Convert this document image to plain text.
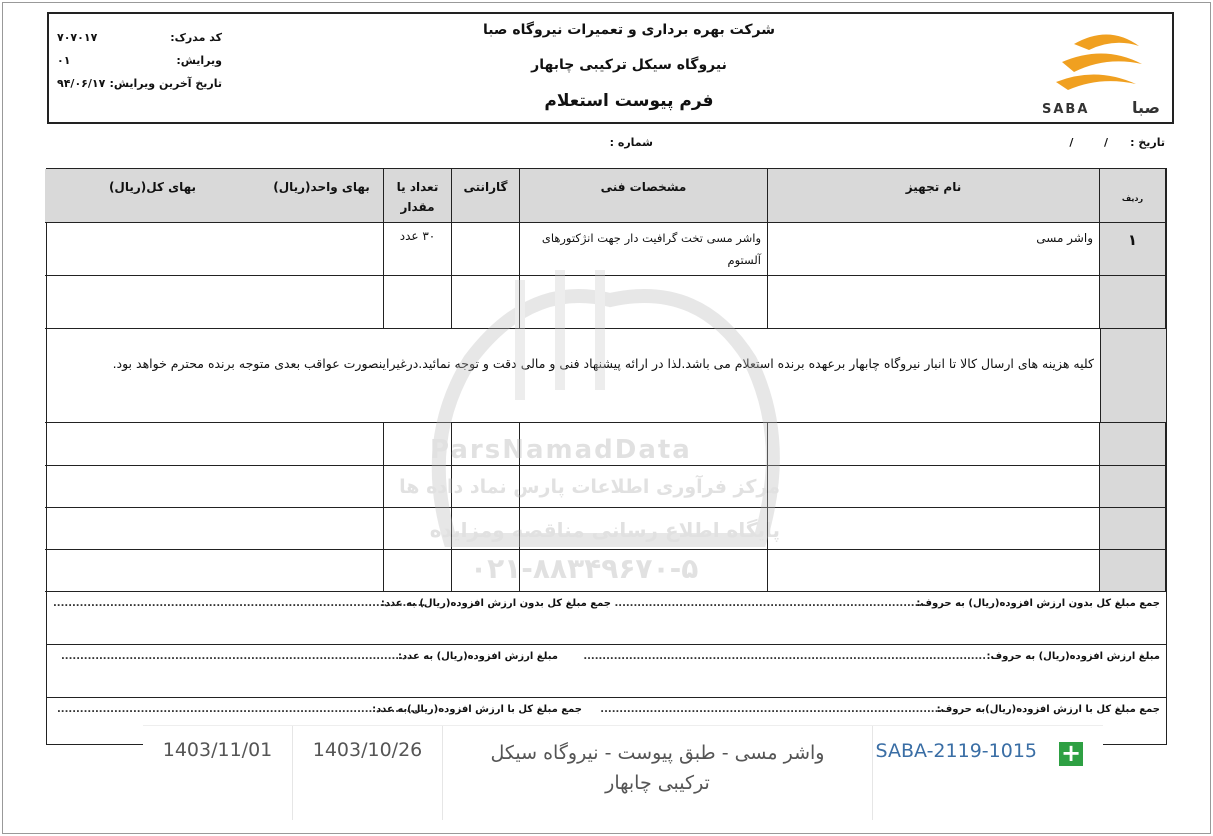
SABA	صبا
شرکت بهره برداری و تعمیرات نیروگاه صبا
نیروگاه سیکل ترکیبی چابهار
فرم پیوست استعلام
کد مدرک:
۷۰۷۰۱۷
ویرایش:
۰۱
تاریخ آخرین ویرایش:
۹۴/۰۶/۱۷
تاریخ :
/        /
شماره :
ردیف
نام تجهیز
مشخصات فنی
گارانتی
تعداد یا مقدار
بهای واحد(ریال)
بهای کل(ریال)
۱
واشر مسی
واشر مسی تخت گرافیت دار جهت انژکتورهای آلستوم
۳۰ عدد
کلیه هزینه های ارسال کالا تا انبار نیروگاه چابهار برعهده برنده استعلام می باشد.لذا در ارائه پیشنهاد فنی و مالی دقت و توجه نمائید.درغیراینصورت عواقب بعدی متوجه برنده محترم خواهد بود.
جمع مبلغ کل بدون ارزش افزوده(ریال) به حروف:
..................................................................................
جمع مبلغ کل بدون ارزش افزوده(ریال) به عدد:
..................................................................................................
مبلغ ارزش افزوده(ریال) به حروف:
..........................................................................................................
مبلغ ارزش افزوده(ریال) به عدد:
.............................................................................................
جمع مبلغ کل با ارزش افزوده(ریال)به حروف:
...........................................................................................
جمع مبلغ کل با ارزش افزوده(ریال)به عدد:
.................................................................................................
ParsNamadData
مرکز فرآوری اطلاعات پارس نماد داده ها
پایگاه اطلاع رسانی مناقصه ومزایده
۰۲۱-۸۸۳۴۹۶۷۰-۵
+
SABA-2119-1015
واشر مسی - طبق پیوست - نیروگاه سیکل ترکیبی چابهار
1403/10/26
1403/11/01
